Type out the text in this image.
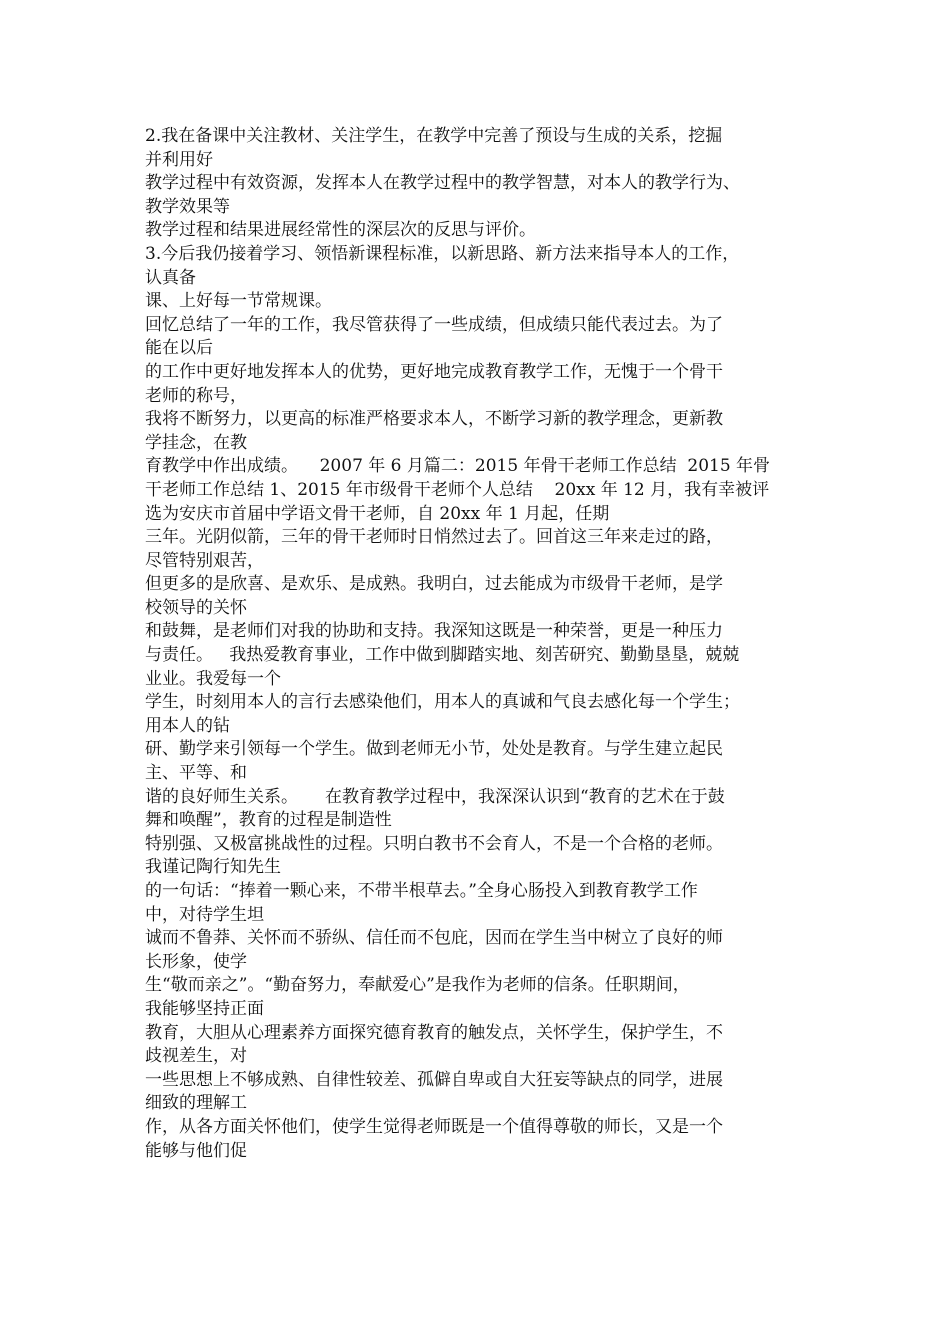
2.我在备课中关注教材、关注学生，在教学中完善了预设与生成的关系，挖掘
并利用好
教学过程中有效资源，发挥本人在教学过程中的教学智慧，对本人的教学行为、
教学效果等
教学过程和结果进展经常性的深层次的反思与评价。
3.今后我仍接着学习、领悟新课程标准，以新思路、新方法来指导本人的工作，
认真备
课、上好每一节常规课。
回忆总结了一年的工作，我尽管获得了一些成绩，但成绩只能代表过去。为了
能在以后
的工作中更好地发挥本人的优势，更好地完成教育教学工作，无愧于一个骨干
老师的称号，
我将不断努力，以更高的标准严格要求本人，不断学习新的教学理念，更新教
学挂念，在教
育教学中作出成绩。    2007 年 6 月篇二：2015 年骨干老师工作总结  2015 年骨
干老师工作总结 1、2015 年市级骨干老师个人总结    20xx 年 12 月，我有幸被评
选为安庆市首届中学语文骨干老师，自 20xx 年 1 月起，任期
三年。光阴似箭，三年的骨干老师时日悄然过去了。回首这三年来走过的路，
尽管特别艰苦，
但更多的是欣喜、是欢乐、是成熟。我明白，过去能成为市级骨干老师，是学
校领导的关怀
和鼓舞，是老师们对我的协助和支持。我深知这既是一种荣誉，更是一种压力
与责任。   我热爱教育事业，工作中做到脚踏实地、刻苦研究、勤勤垦垦，兢兢
业业。我爱每一个
学生，时刻用本人的言行去感染他们，用本人的真诚和气良去感化每一个学生；
用本人的钻
研、勤学来引领每一个学生。做到老师无小节，处处是教育。与学生建立起民
主、平等、和
谐的良好师生关系。     在教育教学过程中，我深深认识到“教育的艺术在于鼓
舞和唤醒”，教育的过程是制造性
特别强、又极富挑战性的过程。只明白教书不会育人，不是一个合格的老师。
我谨记陶行知先生
的一句话：“捧着一颗心来，不带半根草去。”全身心肠投入到教育教学工作
中，对待学生坦
诚而不鲁莽、关怀而不骄纵、信任而不包庇，因而在学生当中树立了良好的师
长形象，使学
生“敬而亲之”。“勤奋努力，奉献爱心”是我作为老师的信条。任职期间，
我能够坚持正面
教育，大胆从心理素养方面探究德育教育的触发点，关怀学生，保护学生，不
歧视差生，对
一些思想上不够成熟、自律性较差、孤僻自卑或自大狂妄等缺点的同学，进展
细致的理解工
作，从各方面关怀他们，使学生觉得老师既是一个值得尊敬的师长，又是一个
能够与他们促
